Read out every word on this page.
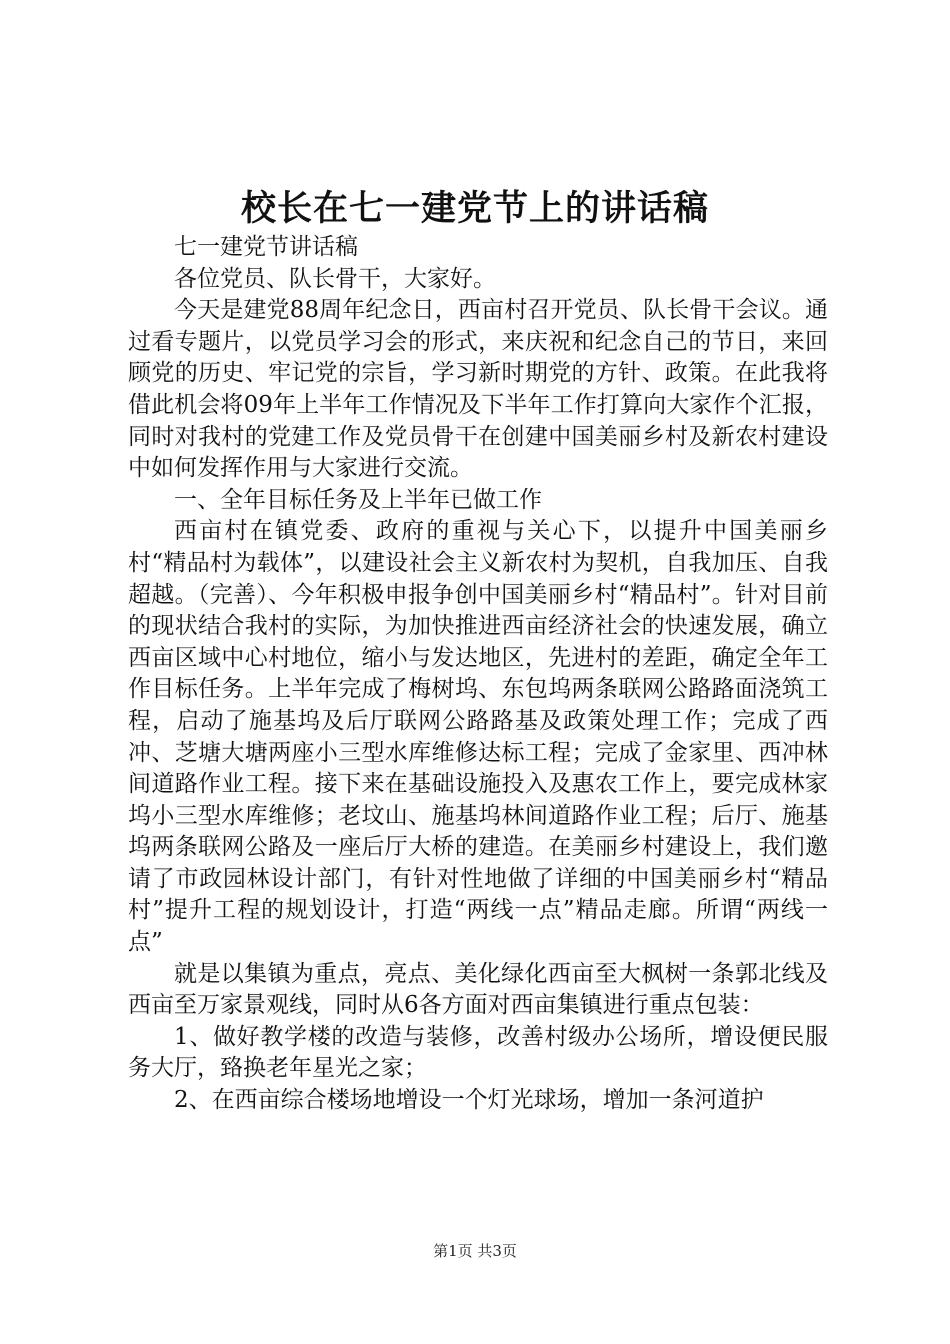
校长在七一建党节上的讲话稿

七一建党节讲话稿

各位党员、队长骨干，大家好。

今天是建党88周年纪念日，西亩村召开党员、队长骨干会议。通过看专题片，以党员学习会的形式，来庆祝和纪念自己的节日，来回顾党的历史、牢记党的宗旨，学习新时期党的方针、政策。在此我将借此机会将09年上半年工作情况及下半年工作打算向大家作个汇报，同时对我村的党建工作及党员骨干在创建中国美丽乡村及新农村建设中如何发挥作用与大家进行交流。

一、全年目标任务及上半年已做工作

西亩村在镇党委、政府的重视与关心下，以提升中国美丽乡村“精品村为载体”，以建设社会主义新农村为契机，自我加压、自我超越。（完善）、今年积极申报争创中国美丽乡村“精品村”。针对目前的现状结合我村的实际，为加快推进西亩经济社会的快速发展，确立西亩区域中心村地位，缩小与发达地区，先进村的差距，确定全年工作目标任务。上半年完成了梅树坞、东包坞两条联网公路路面浇筑工程，启动了施基坞及后厅联网公路路基及政策处理工作；完成了西冲、芝塘大塘两座小三型水库维修达标工程；完成了金家里、西冲林间道路作业工程。接下来在基础设施投入及惠农工作上，要完成林家坞小三型水库维修；老坟山、施基坞林间道路作业工程；后厅、施基坞两条联网公路及一座后厅大桥的建造。在美丽乡村建设上，我们邀请了市政园林设计部门，有针对性地做了详细的中国美丽乡村“精品村”提升工程的规划设计，打造“两线一点”精品走廊。所谓“两线一点”

就是以集镇为重点，亮点、美化绿化西亩至大枫树一条郭北线及西亩至万家景观线，同时从6各方面对西亩集镇进行重点包装：

1、做好教学楼的改造与装修，改善村级办公场所，增设便民服务大厅，臵换老年星光之家；

2、在西亩综合楼场地增设一个灯光球场，增加一条河道护

第1页 共3页
